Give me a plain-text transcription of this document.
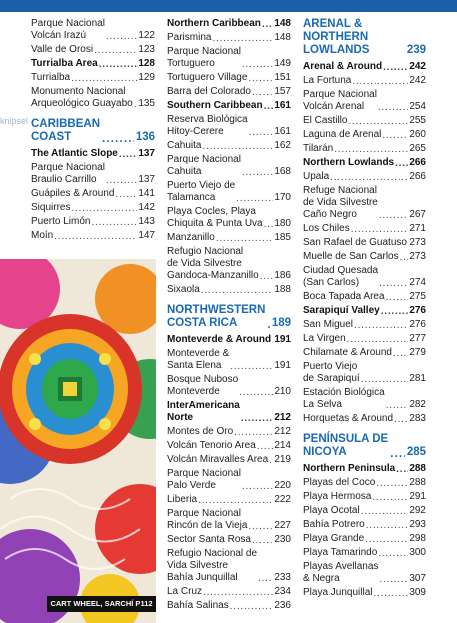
knipsel
Parque Nacional
Volcán Irazú . . .	122
Valle de Orosi . . .	123
Turrialba Area . . .	128
Turrialba . . .	129
Monumento Nacional
Arqueológico Guayabo . . . 135
CARIBBEAN
COAST . . .	136
The Atlantic Slope . . . 137
Parque Nacional
Braulio Carrillo . . .	137
Guápiles & Around . . . 141
Siquirres . . .	142
Puerto Limón . . .	143
Moín . . .	147
Northern Caribbean . . . 148
Parismina . . .	148
Parque Nacional
Tortuguero . . .	149
Tortuguero Village . . .	151
Barra del Colorado . . . 157
Southern Caribbean . . . 161
Reserva Biológica
Hitoy-Cerere . . .	161
Cahuita . . .	162
Parque Nacional
Cahuita . . .	168
Puerto Viejo de
Talamanca . . .	170
Playa Cocles, Playa
Chiquita & Punta Uva . . . 180
Manzanillo . . .	185
Refugio Nacional
de Vida Silvestre
Gandoca-Manzanillo . . . 186
Sixaola . . .	188
NORTHWESTERN
COSTA RICA . . .	189
Monteverde & Around . . . 191
Monteverde &
Santa Elena . . .	191
Bosque Nuboso
Monteverde . . .	210
InterAmericana
Norte . . .	212
Montes de Oro . . .	212
Volcán Tenorio Area . . . 214
Volcán Miravalles Area . . . 219
Parque Nacional
Palo Verde . . .	220
Liberia . . .	222
Parque Nacional
Rincón de la Vieja . . .	227
Sector Santa Rosa . . . 230
Refugio Nacional de
Vida Silvestre
Bahía Junquillal . . .	233
La Cruz . . .	234
Bahía Salinas . . .	236
ARENAL & NORTHERN
LOWLANDS	239
Arenal & Around . . .	242
La Fortuna . . .	242
Parque Nacional
Volcán Arenal . . .	254
El Castillo . . .	255
Laguna de Arenal . . .	260
Tilarán . . .	265
Northern Lowlands . . . 266
Upala . . .	266
Refuge Nacional
de Vida Silvestre
Caño Negro . . .	267
Los Chiles . . .	271
San Rafael de Guatuso . . . 273
Muelle de San Carlos . . . 273
Ciudad Quesada
(San Carlos) . . .	274
Boca Tapada Area . . . 275
Sarapiquí Valley . . .	276
San Miguel . . .	276
La Virgen . . .	277
Chilamate & Around . . . 279
Puerto Viejo
de Sarapiquí . . .	281
Estación Biológica
La Selva . . .	282
Horquetas & Around . . . 283
PENÍNSULA DE
NICOYA . . .	285
Northern Peninsula . . . 288
Playas del Coco . . .	288
Playa Hermosa . . .	291
Playa Ocotal . . .	292
Bahía Potrero . . .	293
Playa Grande . . .	298
Playa Tamarindo . . .	300
Playas Avellanas
& Negra . . .	307
Playa Junquillal . . .	309
CART WHEEL, SARCHÍ P112
